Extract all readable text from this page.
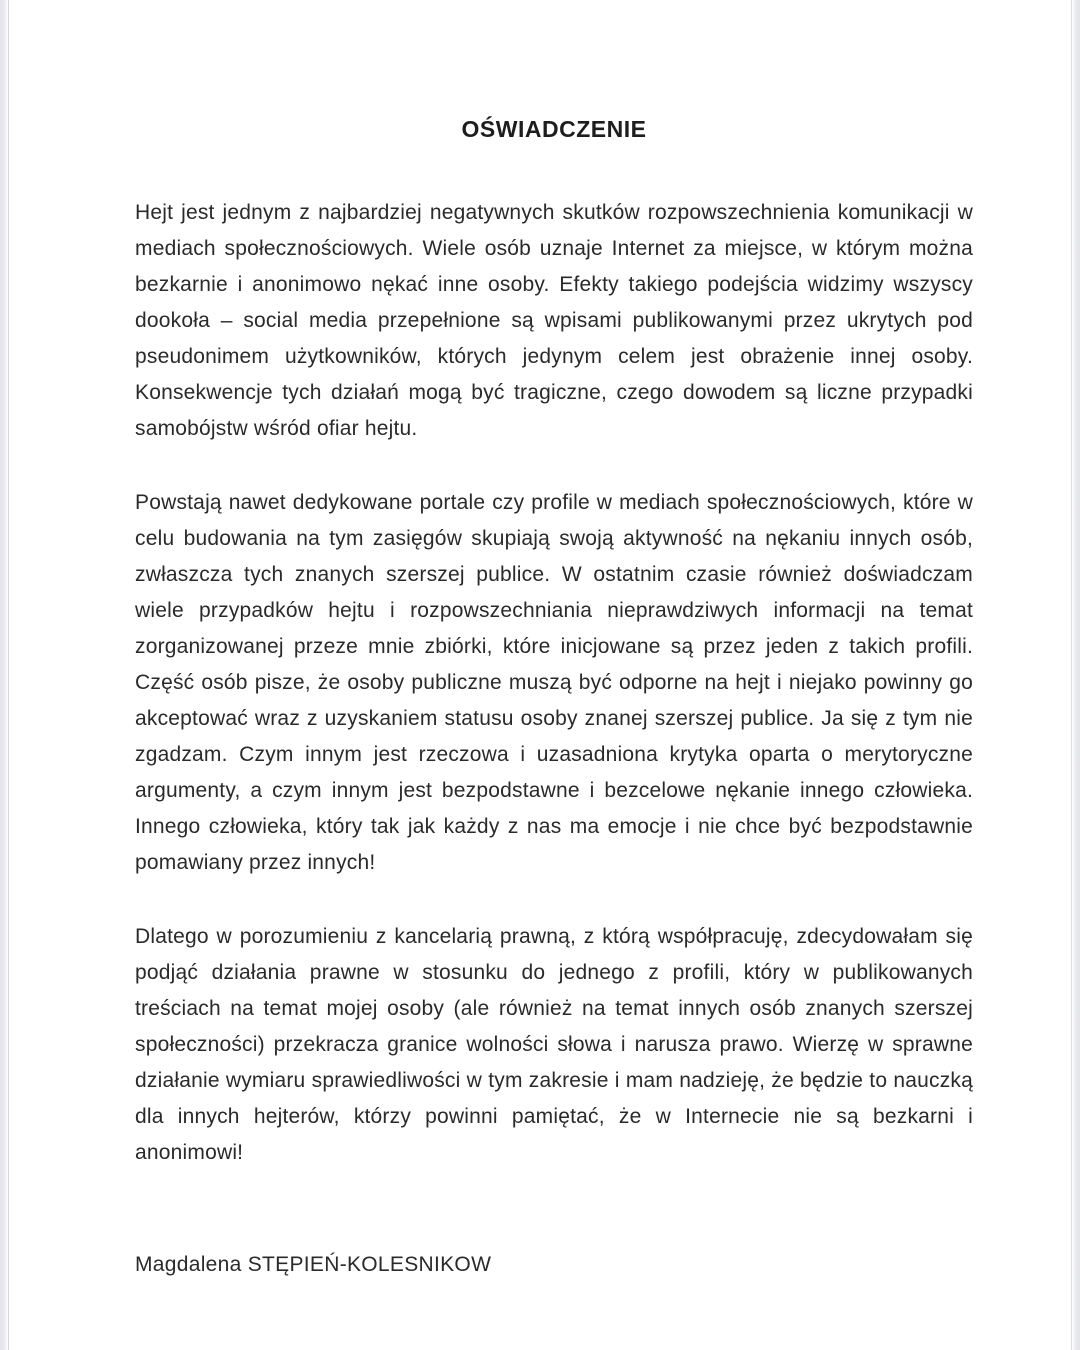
OŚWIADCZENIE

Hejt jest jednym z najbardziej negatywnych skutków rozpowszechnienia komunikacji w mediach społecznościowych. Wiele osób uznaje Internet za miejsce, w którym można bezkarnie i anonimowo nękać inne osoby. Efekty takiego podejścia widzimy wszyscy dookoła – social media przepełnione są wpisami publikowanymi przez ukrytych pod pseudonimem użytkowników, których jedynym celem jest obrażenie innej osoby. Konsekwencje tych działań mogą być tragiczne, czego dowodem są liczne przypadki samobójstw wśród ofiar hejtu.

Powstają nawet dedykowane portale czy profile w mediach społecznościowych, które w celu budowania na tym zasięgów skupiają swoją aktywność na nękaniu innych osób, zwłaszcza tych znanych szerszej publice. W ostatnim czasie również doświadczam wiele przypadków hejtu i rozpowszechniania nieprawdziwych informacji na temat zorganizowanej przeze mnie zbiórki, które inicjowane są przez jeden z takich profili. Część osób pisze, że osoby publiczne muszą być odporne na hejt i niejako powinny go akceptować wraz z uzyskaniem statusu osoby znanej szerszej publice. Ja się z tym nie zgadzam. Czym innym jest rzeczowa i uzasadniona krytyka oparta o merytoryczne argumenty, a czym innym jest bezpodstawne i bezcelowe nękanie innego człowieka. Innego człowieka, który tak jak każdy z nas ma emocje i nie chce być bezpodstawnie pomawiany przez innych!

Dlatego w porozumieniu z kancelarią prawną, z którą współpracuję, zdecydowałam się podjąć działania prawne w stosunku do jednego z profili, który w publikowanych treściach na temat mojej osoby (ale również na temat innych osób znanych szerszej społeczności) przekracza granice wolności słowa i narusza prawo. Wierzę w sprawne działanie wymiaru sprawiedliwości w tym zakresie i mam nadzieję, że będzie to nauczką dla innych hejterów, którzy powinni pamiętać, że w Internecie nie są bezkarni i anonimowi!

Magdalena STĘPIEŃ-KOLESNIKOW
